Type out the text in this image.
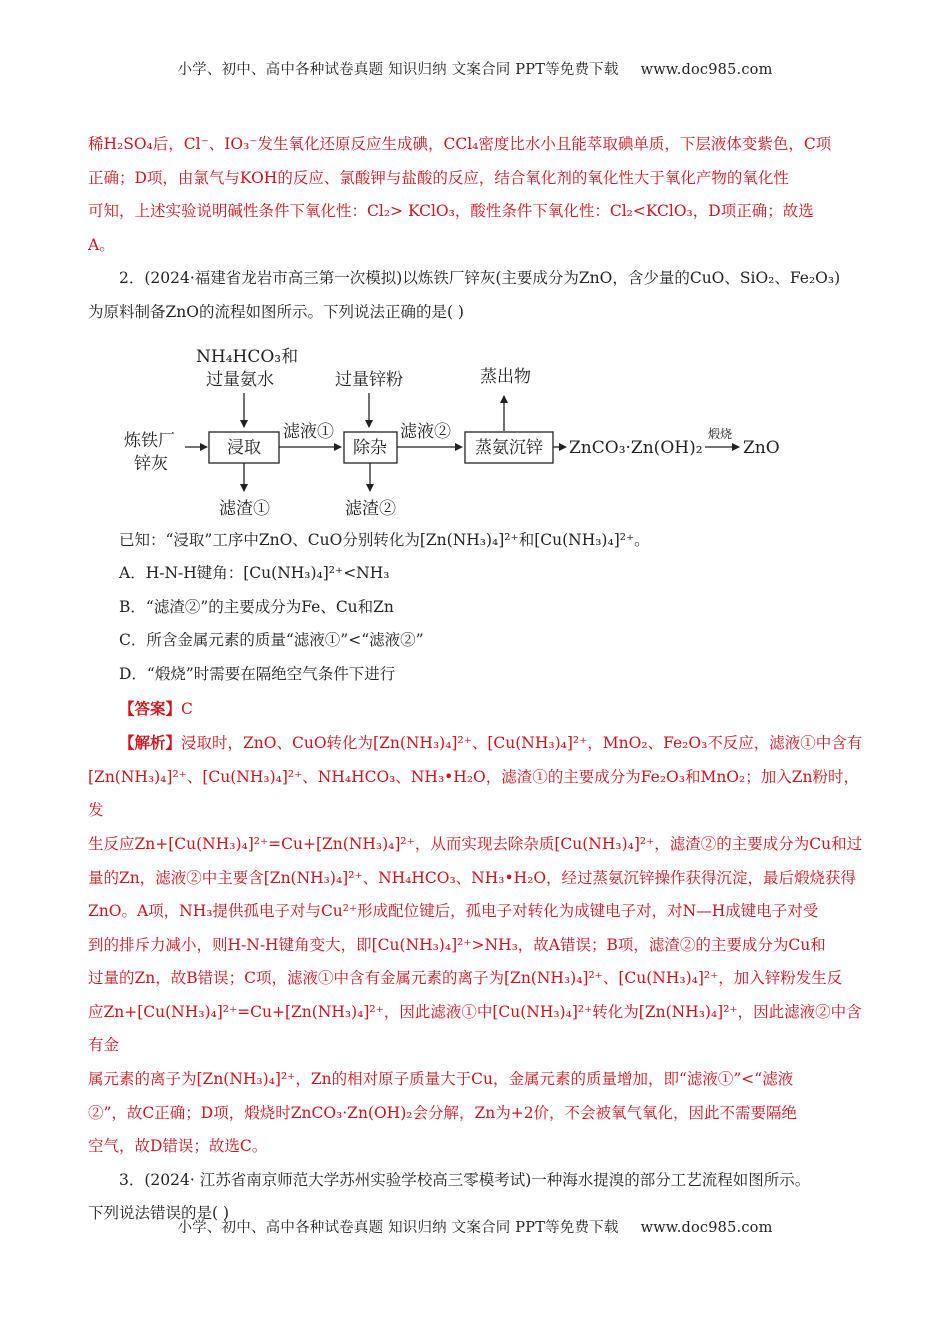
小学、初中、高中各种试卷真题 知识归纳 文案合同 PPT等免费下载 www.doc985.com

稀H₂SO₄后，Cl⁻、IO₃⁻发生氧化还原反应生成碘，CCl₄密度比水小且能萃取碘单质，下层液体变紫色，C项

正确；D项，由氯气与KOH的反应、氯酸钾与盐酸的反应，结合氧化剂的氧化性大于氧化产物的氧化性

可知，上述实验说明碱性条件下氧化性：Cl₂> KClO₃，酸性条件下氧化性：Cl₂<KClO₃，D项正确；故选

A。

2．(2024·福建省龙岩市高三第一次模拟)以炼铁厂锌灰(主要成分为ZnO，含少量的CuO、SiO₂、Fe₂O₃)

为原料制备ZnO的流程如图所示。下列说法正确的是( )

NH₄HCO₃和
过量氨水	过量锌粉	蒸出物
炼铁厂
锌灰
浸取
滤液①
除杂
滤液②
蒸氨沉锌 ZnCO₃·Zn(OH)₂
煅烧
ZnO
滤渣①	滤渣②

已知：“浸取”工序中ZnO、CuO分别转化为[Zn(NH₃)₄]²⁺和[Cu(NH₃)₄]²⁺。

A．H-N-H键角：[Cu(NH₃)₄]²⁺<NH₃

B．“滤渣②”的主要成分为Fe、Cu和Zn

C．所含金属元素的质量“滤液①”<“滤液②”

D．“煅烧”时需要在隔绝空气条件下进行

【答案】C

【解析】浸取时，ZnO、CuO转化为[Zn(NH₃)₄]²⁺、[Cu(NH₃)₄]²⁺，MnO₂、Fe₂O₃不反应，滤液①中含有

[Zn(NH₃)₄]²⁺、[Cu(NH₃)₄]²⁺、NH₄HCO₃、NH₃•H₂O，滤渣①的主要成分为Fe₂O₃和MnO₂；加入Zn粉时，发

生反应Zn+[Cu(NH₃)₄]²⁺=Cu+[Zn(NH₃)₄]²⁺，从而实现去除杂质[Cu(NH₃)₄]²⁺，滤渣②的主要成分为Cu和过

量的Zn，滤液②中主要含[Zn(NH₃)₄]²⁺、NH₄HCO₃、NH₃•H₂O，经过蒸氨沉锌操作获得沉淀，最后煅烧获得

ZnO。A项，NH₃提供孤电子对与Cu²⁺形成配位键后，孤电子对转化为成键电子对，对N—H成键电子对受

到的排斥力减小，则H-N-H键角变大，即[Cu(NH₃)₄]²⁺>NH₃，故A错误；B项，滤渣②的主要成分为Cu和

过量的Zn，故B错误；C项，滤液①中含有金属元素的离子为[Zn(NH₃)₄]²⁺、[Cu(NH₃)₄]²⁺，加入锌粉发生反

应Zn+[Cu(NH₃)₄]²⁺=Cu+[Zn(NH₃)₄]²⁺，因此滤液①中[Cu(NH₃)₄]²⁺转化为[Zn(NH₃)₄]²⁺，因此滤液②中含有金

属元素的离子为[Zn(NH₃)₄]²⁺，Zn的相对原子质量大于Cu，金属元素的质量增加，即“滤液①”<“滤液

②”，故C正确；D项，煅烧时ZnCO₃·Zn(OH)₂会分解，Zn为+2价，不会被氧气氧化，因此不需要隔绝

空气，故D错误；故选C。

3．(2024· 江苏省南京师范大学苏州实验学校高三零模考试)一种海水提溴的部分工艺流程如图所示。

下列说法错误的是( )

小学、初中、高中各种试卷真题 知识归纳 文案合同 PPT等免费下载 www.doc985.com
